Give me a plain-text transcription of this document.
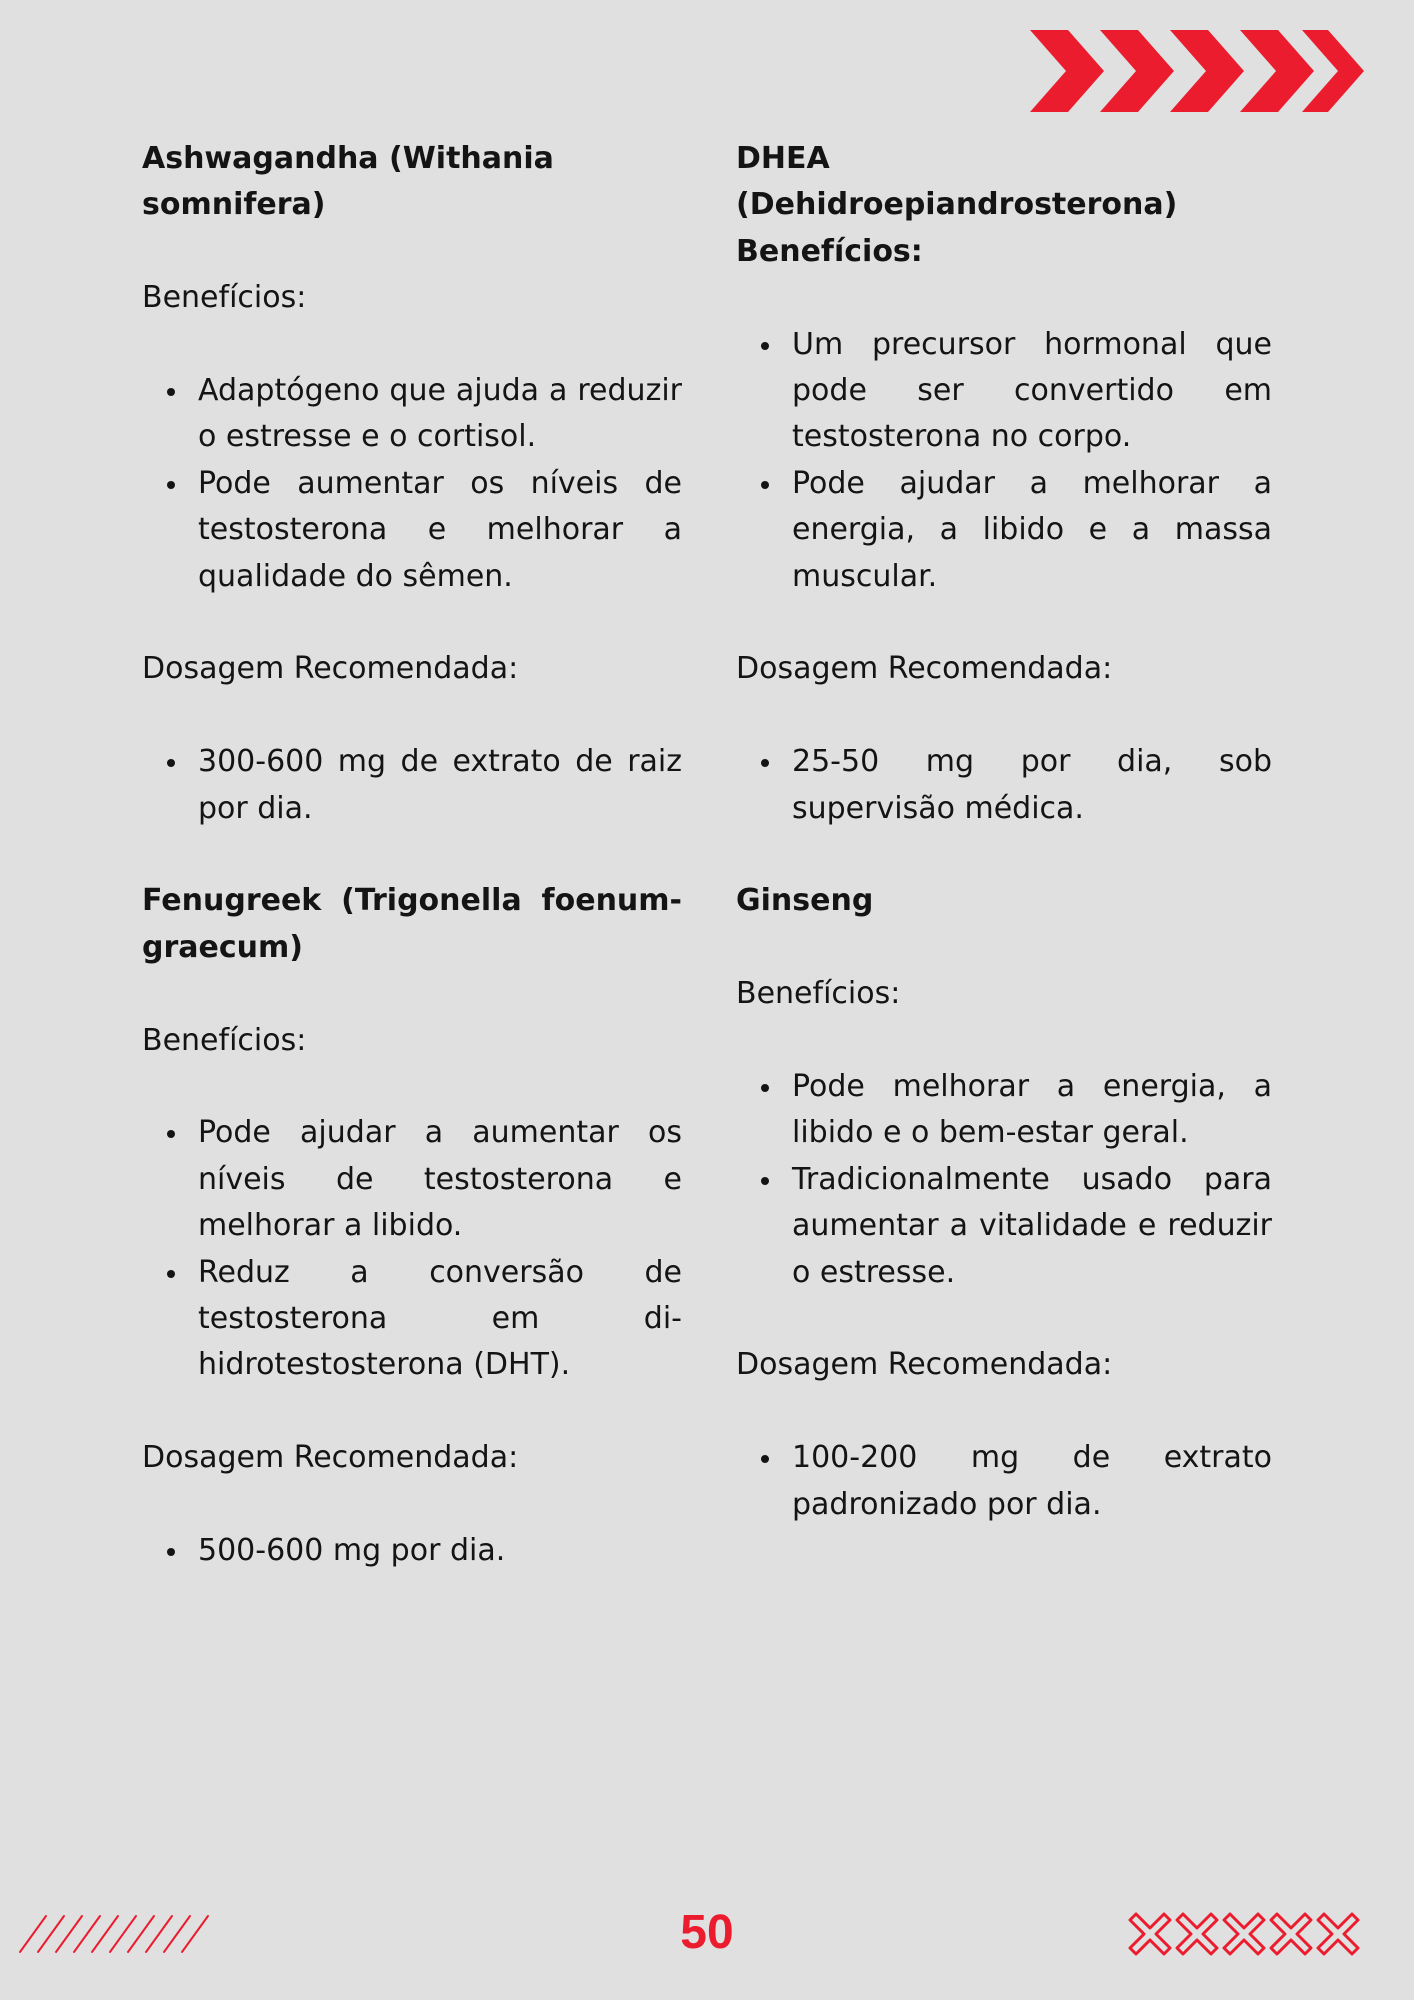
Ashwagandha (Withania

somnifera)

Benefícios:

Adaptógeno que ajuda a reduzir o estresse e o cortisol.
Pode aumentar os níveis de testosterona e melhorar a qualidade do sêmen.

Dosagem Recomendada:

300-600 mg de extrato de raiz por dia.

Fenugreek (Trigonella foenum-graecum)

Benefícios:

Pode ajudar a aumentar os níveis de testosterona e melhorar a libido.
Reduz a conversão de testosterona em di-hidrotestosterona (DHT).

Dosagem Recomendada:

500-600 mg por dia.

DHEA

(Dehidroepiandrosterona)

Benefícios:

Um precursor hormonal que pode ser convertido em testosterona no corpo.
Pode ajudar a melhorar a energia, a libido e a massa muscular.

Dosagem Recomendada:

25-50 mg por dia, sob supervisão médica.

Ginseng

Benefícios:

Pode melhorar a energia, a libido e o bem-estar geral.
Tradicionalmente usado para aumentar a vitalidade e reduzir o estresse.

Dosagem Recomendada:

100-200 mg de extrato padronizado por dia.
50
